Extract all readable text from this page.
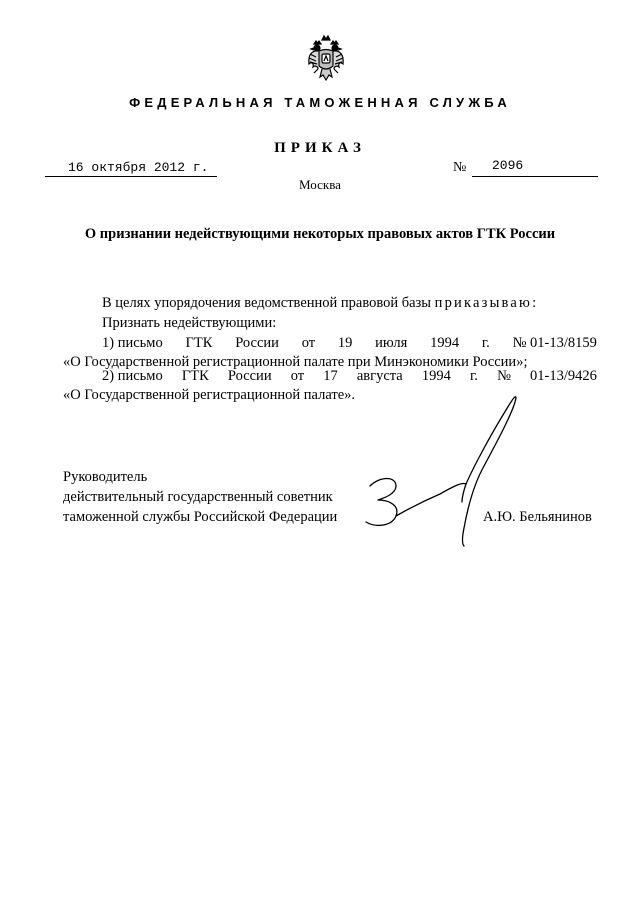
ФЕДЕРАЛЬНАЯ ТАМОЖЕННАЯ СЛУЖБА
ПРИКАЗ
16 октября 2012 г.	№ 2096
Москва
О признании недействующими некоторых правовых актов ГТК России
В целях упорядочения ведомственной правовой базы приказываю:
Признать недействующими:
1) письмо ГТК России от 19 июля 1994 г. № 01-13/8159
«О Государственной регистрационной палате при Минэкономики России»;
2) письмо ГТК России от 17 августа 1994 г. № 01-13/9426
«О Государственной регистрационной палате».
Руководитель
действительный государственный советник
таможенной службы Российской Федерации	А.Ю. Бельянинов
